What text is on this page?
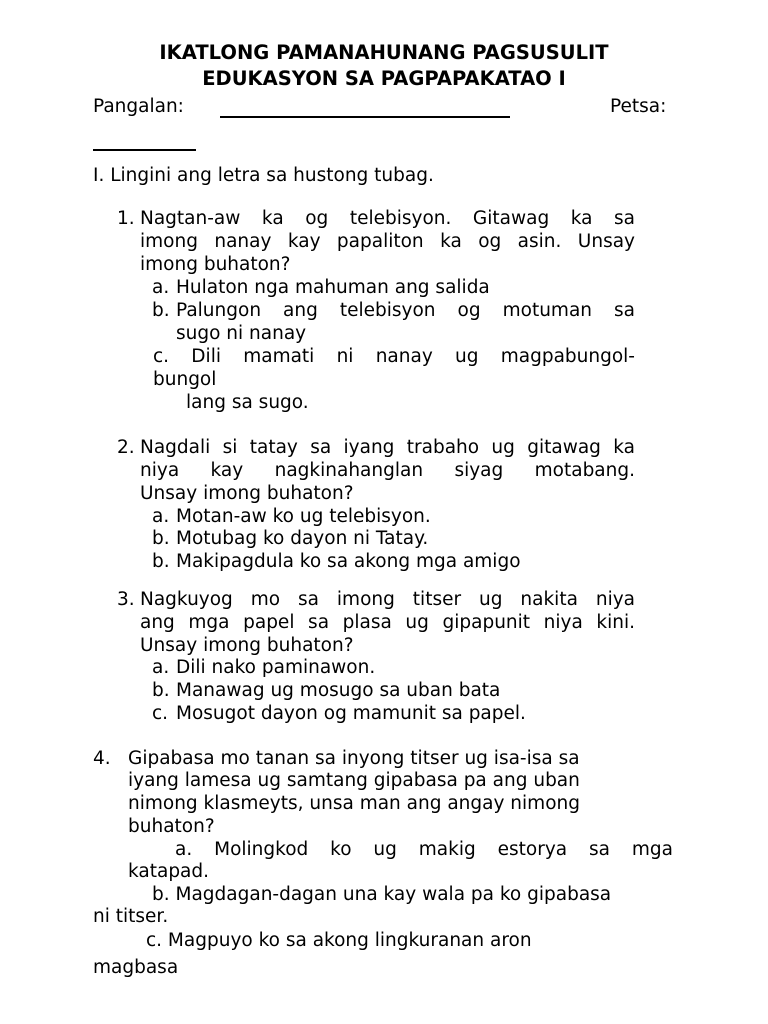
IKATLONG PAMANAHUNANG PAGSUSULIT
EDUKASYON SA PAGPAPAKATAO I
Pangalan:	Petsa:
I. Lingini ang letra sa hustong tubag.
1. Nagtan-aw ka og telebisyon. Gitawag ka sa
imong nanay kay papaliton ka og asin. Unsay
imong buhaton?
a. Hulaton nga mahuman ang salida
b. Palungon ang telebisyon og motuman sa
sugo ni nanay
c. Dili mamati ni nanay ug magpabungol-
bungol
lang sa sugo.
2. Nagdali si tatay sa iyang trabaho ug gitawag ka
niya kay nagkinahanglan siyag motabang.
Unsay imong buhaton?
a. Motan-aw ko ug telebisyon.
b. Motubag ko dayon ni Tatay.
b. Makipagdula ko sa akong mga amigo
3. Nagkuyog mo sa imong titser ug nakita niya
ang mga papel sa plasa ug gipapunit niya kini.
Unsay imong buhaton?
a. Dili nako paminawon.
b. Manawag ug mosugo sa uban bata
c. Mosugot dayon og mamunit sa papel.
4. Gipabasa mo tanan sa inyong titser ug isa-isa sa
iyang lamesa ug samtang gipabasa pa ang uban
nimong klasmeyts, unsa man ang angay nimong
buhaton?
a. Molingkod ko ug makig estorya sa mga
katapad.
b. Magdagan-dagan una kay wala pa ko gipabasa
ni titser.
c. Magpuyo ko sa akong lingkuranan aron
magbasa
